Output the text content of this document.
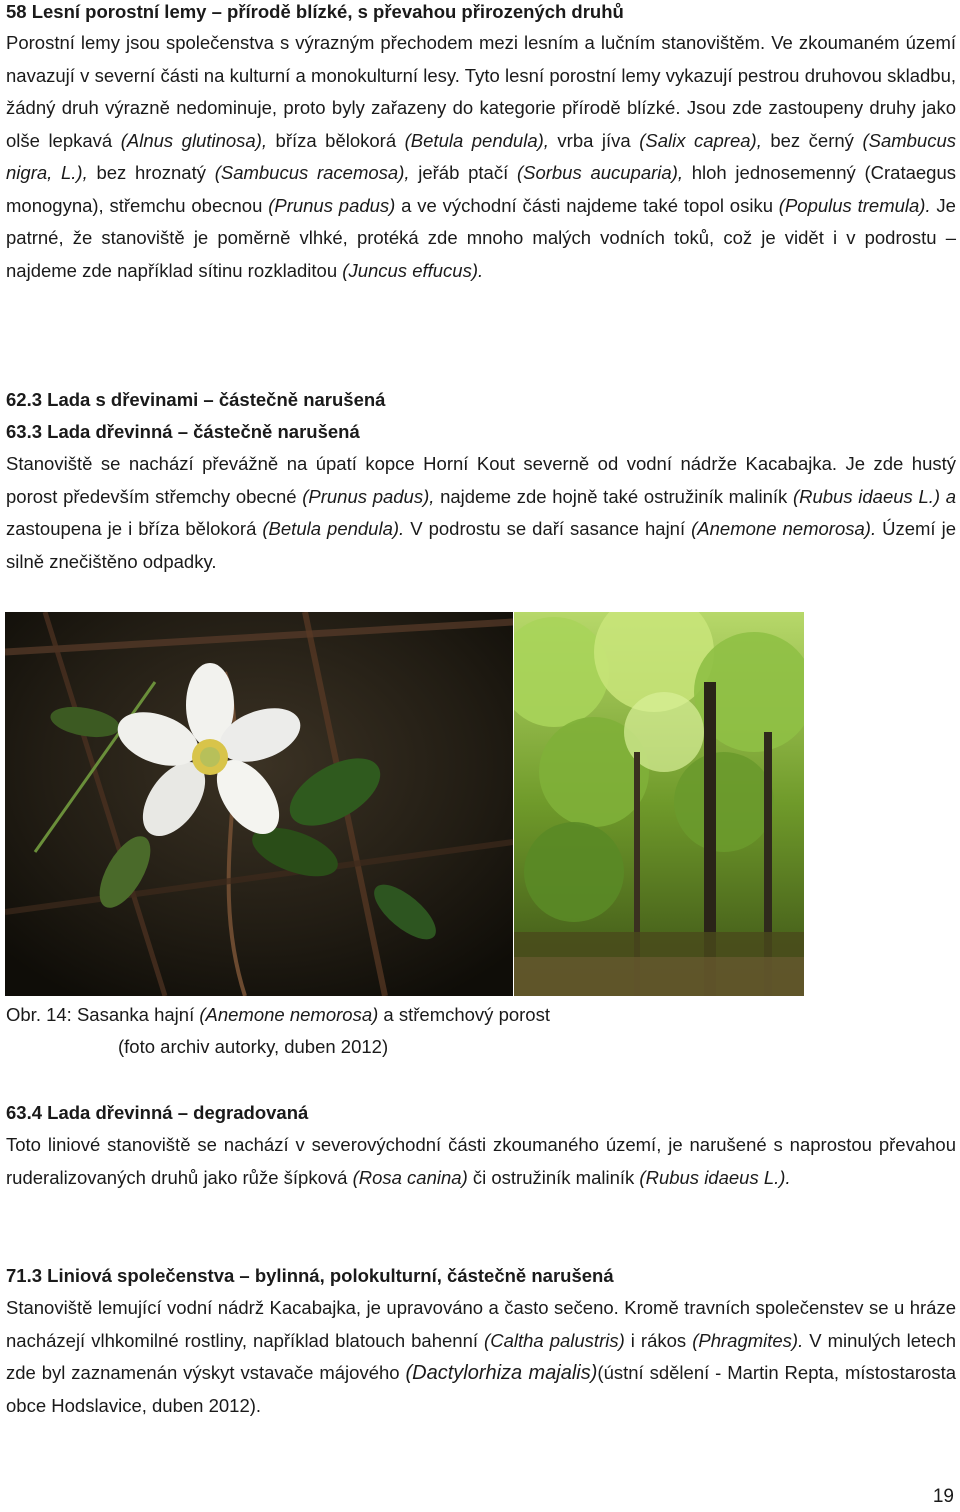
58 Lesní porostní lemy – přírodě blízké, s převahou přirozených druhů

Porostní lemy jsou společenstva s výrazným přechodem mezi lesním a lučním stanovištěm. Ve zkoumaném území navazují v severní části na kulturní a monokulturní lesy. Tyto lesní porostní lemy vykazují pestrou druhovou skladbu, žádný druh výrazně nedominuje, proto byly zařazeny do kategorie přírodě blízké. Jsou zde zastoupeny druhy jako olše lepkavá (Alnus glutinosa), bříza bělokorá (Betula pendula), vrba jíva (Salix caprea), bez černý (Sambucus nigra, L.), bez hroznatý (Sambucus racemosa), jeřáb ptačí (Sorbus aucuparia), hloh jednosemenný (Crataegus monogyna), střemchu obecnou (Prunus padus) a ve východní části najdeme také topol osiku (Populus tremula). Je patrné, že stanoviště je poměrně vlhké, protéká zde mnoho malých vodních toků, což je vidět i v podrostu – najdeme zde například sítinu rozkladitou (Juncus effucus).

62.3 Lada s dřevinami – částečně narušená

63.3 Lada dřevinná – částečně narušená

Stanoviště se nachází převážně na úpatí kopce Horní Kout severně od vodní nádrže Kacabajka. Je zde hustý porost především střemchy obecné (Prunus padus), najdeme zde hojně také ostružiník maliník (Rubus idaeus L.) a zastoupena je i bříza bělokorá (Betula pendula). V podrostu se daří sasance hajní (Anemone nemorosa). Území je silně znečištěno odpadky.

Obr. 14: Sasanka hajní (Anemone nemorosa) a střemchový porost
(foto archiv autorky, duben 2012)

63.4 Lada dřevinná – degradovaná

Toto liniové stanoviště se nachází v severovýchodní části zkoumaného území, je narušené s naprostou převahou ruderalizovaných druhů jako růže šípková (Rosa canina) či ostružiník maliník (Rubus idaeus L.).

71.3 Liniová společenstva – bylinná, polokulturní, částečně narušená

Stanoviště lemující vodní nádrž Kacabajka, je upravováno a často sečeno. Kromě travních společenstev se u hráze nacházejí vlhkomilné rostliny, například blatouch bahenní (Caltha palustris) i rákos (Phragmites). V minulých letech zde byl zaznamenán výskyt vstavače májového (Dactylorhiza majalis)(ústní sdělení - Martin Repta, místostarosta obce Hodslavice, duben 2012).

19
